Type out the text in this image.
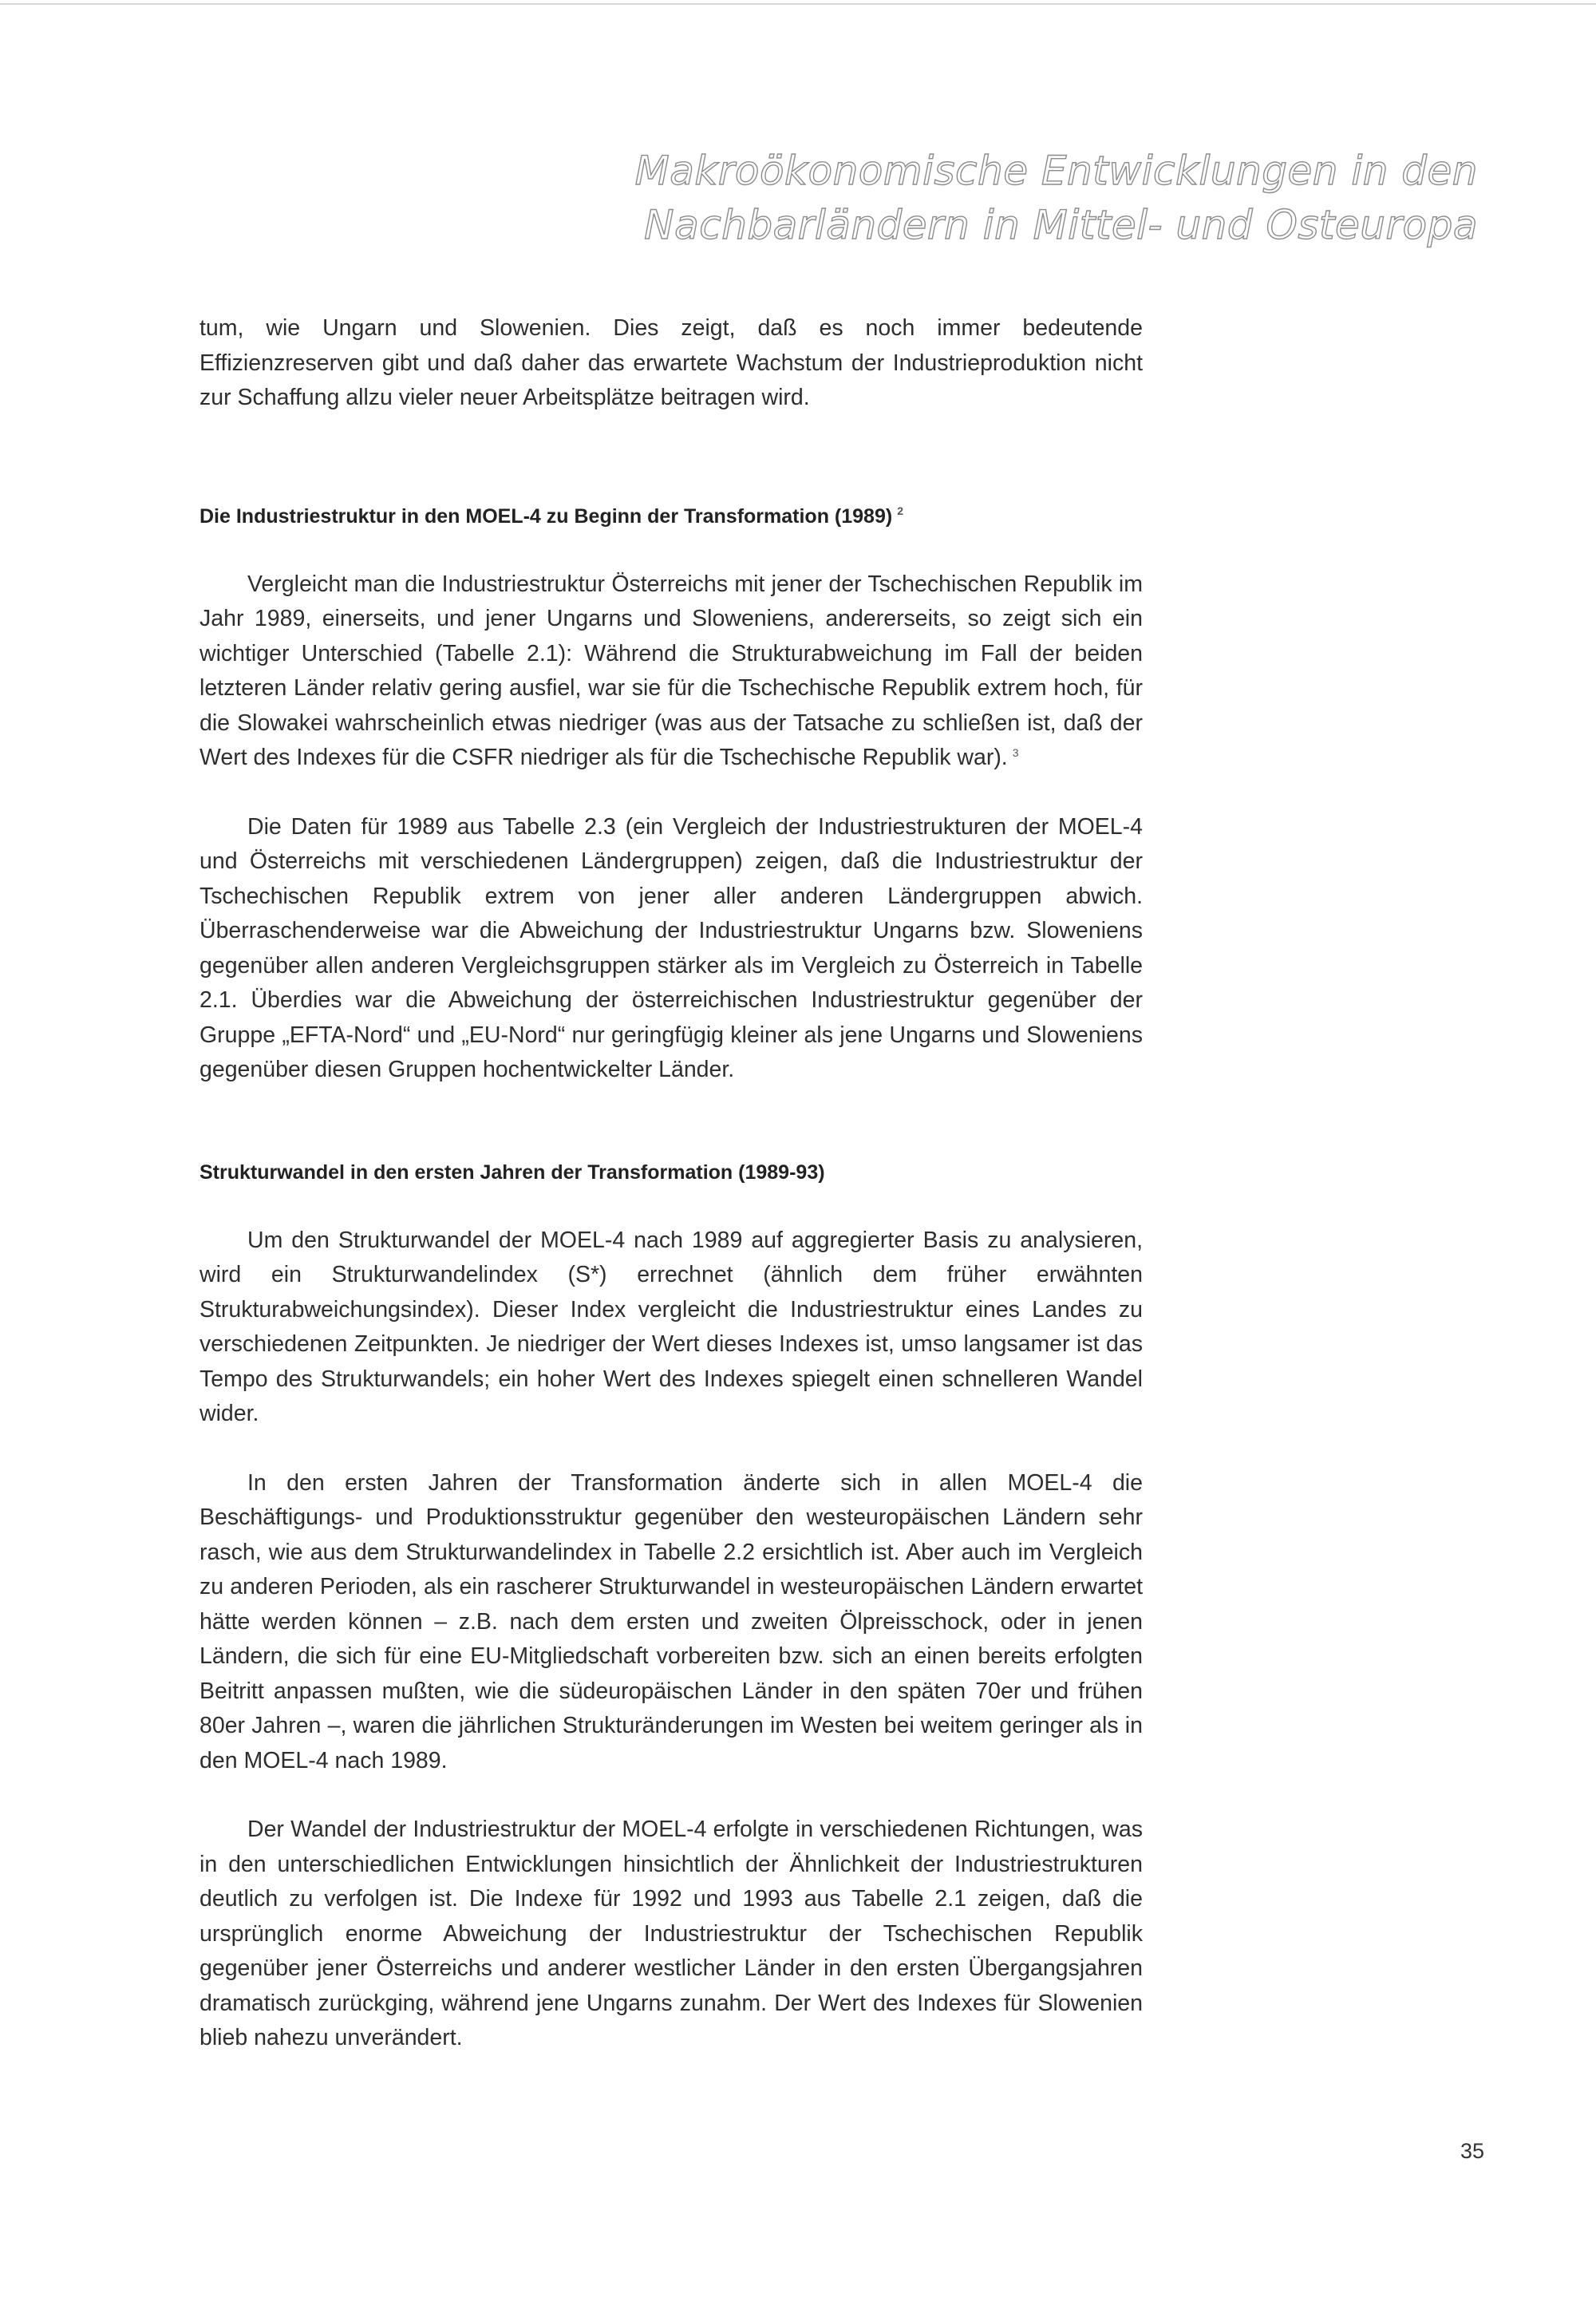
Makroökonomische Entwicklungen in den
Nachbarländern in Mittel- und Osteuropa

tum, wie Ungarn und Slowenien. Dies zeigt, daß es noch immer bedeutende Effizienzreserven gibt und daß daher das erwartete Wachstum der Industrieproduktion nicht zur Schaffung allzu vieler neuer Arbeitsplätze beitragen wird.

Die Industriestruktur in den MOEL-4 zu Beginn der Transformation (1989) $^2$

Vergleicht man die Industriestruktur Österreichs mit jener der Tschechischen Republik im Jahr 1989, einerseits, und jener Ungarns und Sloweniens, andererseits, so zeigt sich ein wichtiger Unterschied (Tabelle 2.1): Während die Strukturabweichung im Fall der beiden letzteren Länder relativ gering ausfiel, war sie für die Tschechische Republik extrem hoch, für die Slowakei wahrscheinlich etwas niedriger (was aus der Tatsache zu schließen ist, daß der Wert des Indexes für die CSFR niedriger als für die Tschechische Republik war). $^3$

Die Daten für 1989 aus Tabelle 2.3 (ein Vergleich der Industriestrukturen der MOEL-4 und Österreichs mit verschiedenen Ländergruppen) zeigen, daß die Industriestruktur der Tschechischen Republik extrem von jener aller anderen Ländergruppen abwich. Überraschenderweise war die Abweichung der Industriestruktur Ungarns bzw. Sloweniens gegenüber allen anderen Vergleichsgruppen stärker als im Vergleich zu Österreich in Tabelle 2.1. Überdies war die Abweichung der österreichischen Industriestruktur gegenüber der Gruppe „EFTA-Nord“ und „EU-Nord“ nur geringfügig kleiner als jene Ungarns und Sloweniens gegenüber diesen Gruppen hochentwickelter Länder.

Strukturwandel in den ersten Jahren der Transformation (1989-93)

Um den Strukturwandel der MOEL-4 nach 1989 auf aggregierter Basis zu analysieren, wird ein Strukturwandelindex (S*) errechnet (ähnlich dem früher erwähnten Strukturabweichungsindex). Dieser Index vergleicht die Industriestruktur eines Landes zu verschiedenen Zeitpunkten. Je niedriger der Wert dieses Indexes ist, umso langsamer ist das Tempo des Strukturwandels; ein hoher Wert des Indexes spiegelt einen schnelleren Wandel wider.

In den ersten Jahren der Transformation änderte sich in allen MOEL-4 die Beschäftigungs- und Produktionsstruktur gegenüber den westeuropäischen Ländern sehr rasch, wie aus dem Strukturwandelindex in Tabelle 2.2 ersichtlich ist. Aber auch im Vergleich zu anderen Perioden, als ein rascherer Strukturwandel in westeuropäischen Ländern erwartet hätte werden können – z.B. nach dem ersten und zweiten Ölpreisschock, oder in jenen Ländern, die sich für eine EU-Mitgliedschaft vorbereiten bzw. sich an einen bereits erfolgten Beitritt anpassen mußten, wie die südeuropäischen Länder in den späten 70er und frühen 80er Jahren –, waren die jährlichen Strukturänderungen im Westen bei weitem geringer als in den MOEL-4 nach 1989.

Der Wandel der Industriestruktur der MOEL-4 erfolgte in verschiedenen Richtungen, was in den unterschiedlichen Entwicklungen hinsichtlich der Ähnlichkeit der Industriestrukturen deutlich zu verfolgen ist. Die Indexe für 1992 und 1993 aus Tabelle 2.1 zeigen, daß die ursprünglich enorme Abweichung der Industriestruktur der Tschechischen Republik gegenüber jener Österreichs und anderer westlicher Länder in den ersten Übergangsjahren dramatisch zurückging, während jene Ungarns zunahm. Der Wert des Indexes für Slowenien blieb nahezu unverändert.

35
